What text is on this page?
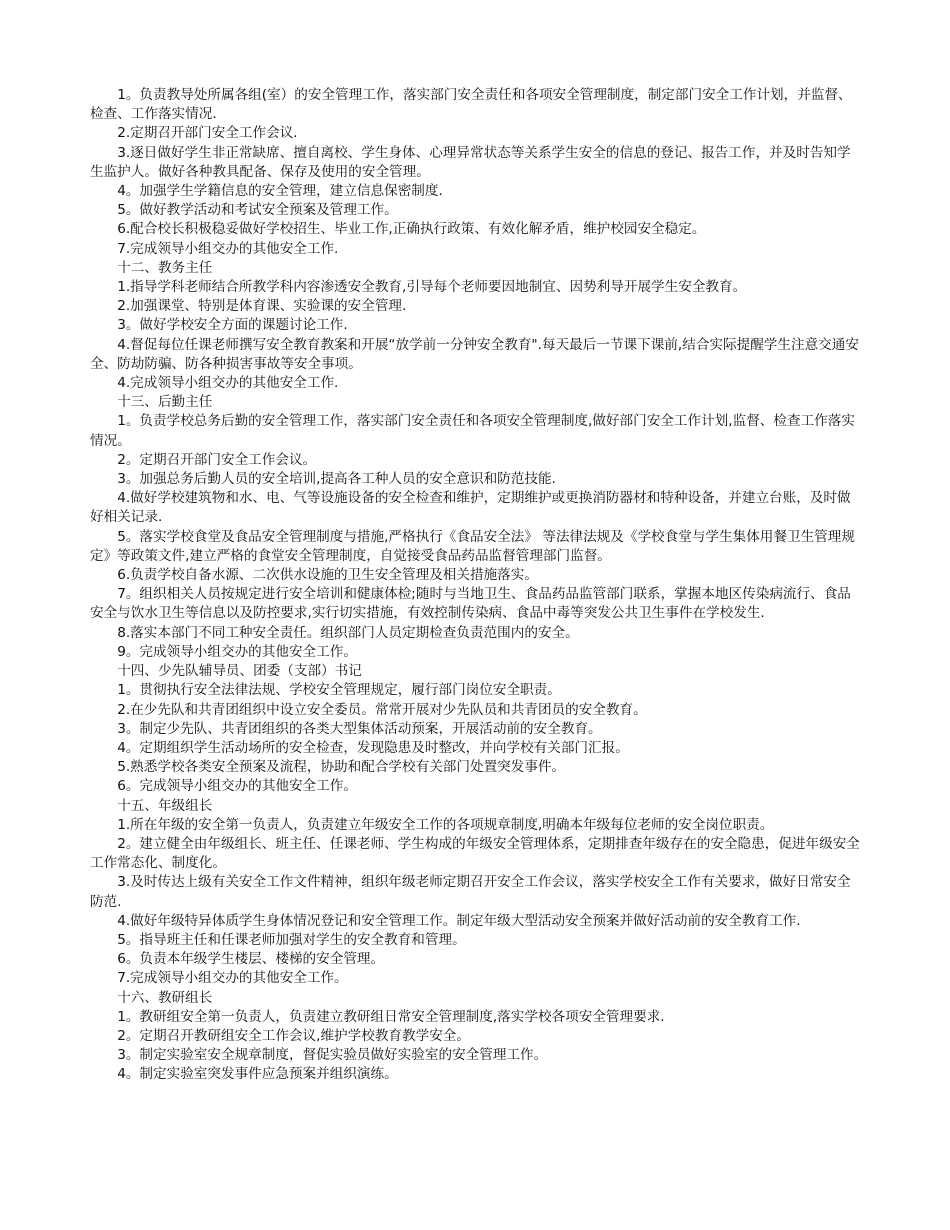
1。负责教导处所属各组(室）的安全管理工作，落实部门安全责任和各项安全管理制度，制定部门安全工作计划，并监督、检查、工作落实情况.

2.定期召开部门安全工作会议.

3.逐日做好学生非正常缺席、擅自离校、学生身体、心理异常状态等关系学生安全的信息的登记、报告工作，并及时告知学生监护人。做好各种教具配备、保存及使用的安全管理。

4。加强学生学籍信息的安全管理，建立信息保密制度.

5。做好教学活动和考试安全预案及管理工作。

6.配合校长积极稳妥做好学校招生、毕业工作,正确执行政策、有效化解矛盾，维护校园安全稳定。

7.完成领导小组交办的其他安全工作.

十二、教务主任

1.指导学科老师结合所教学科内容渗透安全教育,引导每个老师要因地制宜、因势利导开展学生安全教育。

2.加强课堂、特别是体育课、实验课的安全管理.

3。做好学校安全方面的课题讨论工作.

4.督促每位任课老师撰写安全教育教案和开展“放学前一分钟安全教育".每天最后一节课下课前,结合实际提醒学生注意交通安全、防劫防骗、防各种损害事故等安全事项。

4.完成领导小组交办的其他安全工作.

十三、后勤主任

1。负责学校总务后勤的安全管理工作，落实部门安全责任和各项安全管理制度,做好部门安全工作计划,监督、检查工作落实情况。

2。定期召开部门安全工作会议。

3。加强总务后勤人员的安全培训,提高各工种人员的安全意识和防范技能.

4.做好学校建筑物和水、电、气等设施设备的安全检查和维护，定期维护或更换消防器材和特种设备，并建立台账，及时做好相关记录.

5。落实学校食堂及食品安全管理制度与措施,严格执行《食品安全法》 等法律法规及《学校食堂与学生集体用餐卫生管理规定》等政策文件,建立严格的食堂安全管理制度，自觉接受食品药品监督管理部门监督。

6.负责学校自备水源、二次供水设施的卫生安全管理及相关措施落实。

7。组织相关人员按规定进行安全培训和健康体检;随时与当地卫生、食品药品监管部门联系，掌握本地区传染病流行、食品安全与饮水卫生等信息以及防控要求,实行切实措施，有效控制传染病、食品中毒等突发公共卫生事件在学校发生.

8.落实本部门不同工种安全责任。组织部门人员定期检查负责范围内的安全。

9。完成领导小组交办的其他安全工作。

十四、少先队辅导员、团委（支部）书记

1。贯彻执行安全法律法规、学校安全管理规定，履行部门岗位安全职责。

2.在少先队和共青团组织中设立安全委员。常常开展对少先队员和共青团员的安全教育。

3。制定少先队、共青团组织的各类大型集体活动预案，开展活动前的安全教育。

4。定期组织学生活动场所的安全检查，发现隐患及时整改，并向学校有关部门汇报。

5.熟悉学校各类安全预案及流程，协助和配合学校有关部门处置突发事件。

6。完成领导小组交办的其他安全工作。

十五、年级组长

1.所在年级的安全第一负责人，负责建立年级安全工作的各项规章制度,明确本年级每位老师的安全岗位职责。

2。建立健全由年级组长、班主任、任课老师、学生构成的年级安全管理体系，定期排查年级存在的安全隐患，促进年级安全工作常态化、制度化。

3.及时传达上级有关安全工作文件精神，组织年级老师定期召开安全工作会议，落实学校安全工作有关要求，做好日常安全防范.

4.做好年级特异体质学生身体情况登记和安全管理工作。制定年级大型活动安全预案并做好活动前的安全教育工作.

5。指导班主任和任课老师加强对学生的安全教育和管理。

6。负责本年级学生楼层、楼梯的安全管理。

7.完成领导小组交办的其他安全工作。

十六、教研组长

1。教研组安全第一负责人，负责建立教研组日常安全管理制度,落实学校各项安全管理要求.

2。定期召开教研组安全工作会议,维护学校教育教学安全。

3。制定实验室安全规章制度，督促实验员做好实验室的安全管理工作。

4。制定实验室突发事件应急预案并组织演练。
